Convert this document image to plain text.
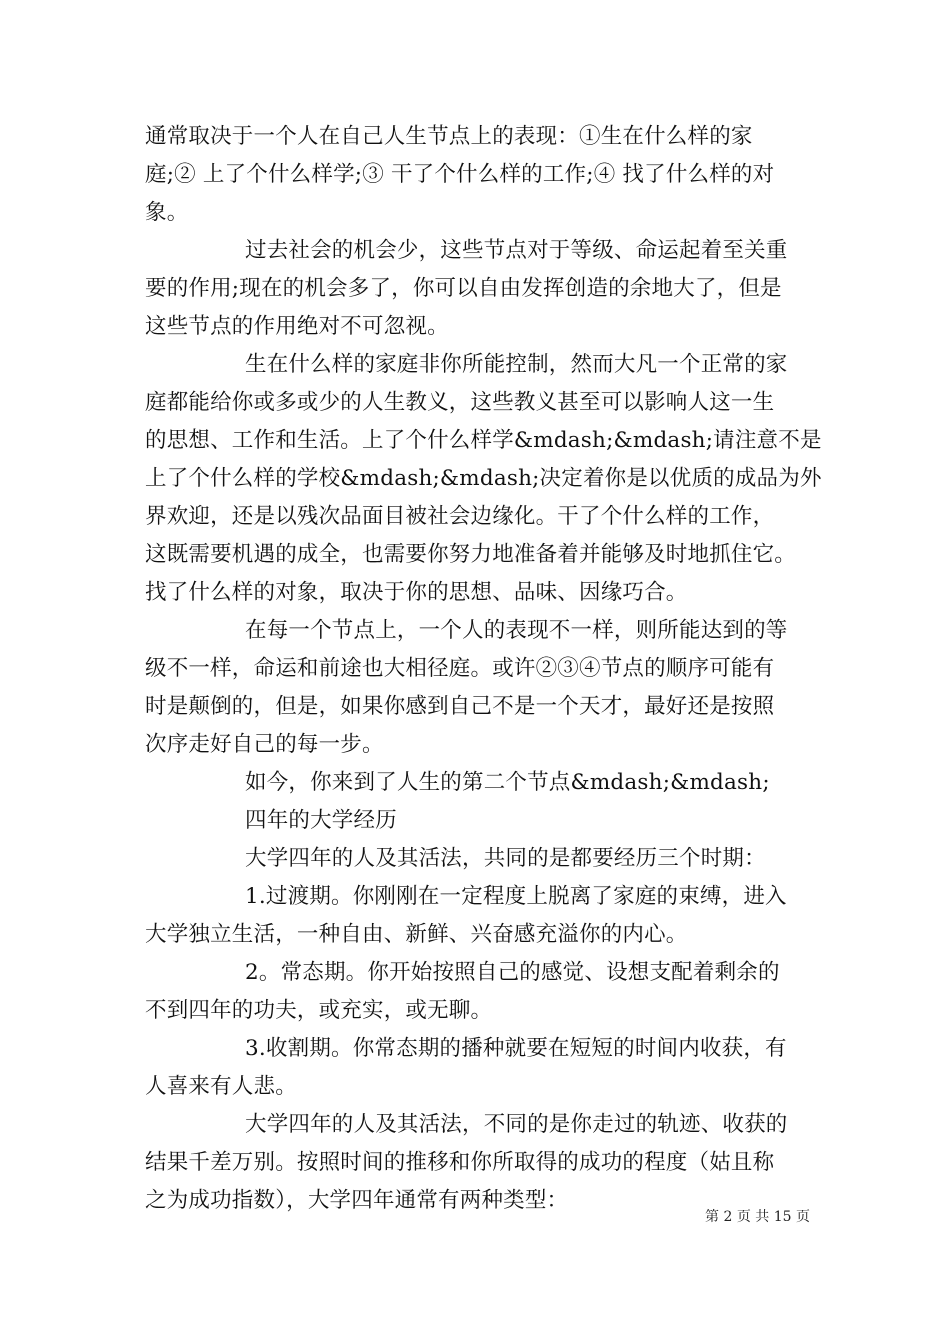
通常取决于一个人在自己人生节点上的表现：①生在什么样的家
庭;② 上了个什么样学;③ 干了个什么样的工作;④ 找了什么样的对
象。
过去社会的机会少，这些节点对于等级、命运起着至关重
要的作用;现在的机会多了，你可以自由发挥创造的余地大了，但是
这些节点的作用绝对不可忽视。
生在什么样的家庭非你所能控制，然而大凡一个正常的家
庭都能给你或多或少的人生教义，这些教义甚至可以影响人这一生
的思想、工作和生活。上了个什么样学&mdash;&mdash;请注意不是
上了个什么样的学校&mdash;&mdash;决定着你是以优质的成品为外
界欢迎，还是以残次品面目被社会边缘化。干了个什么样的工作，
这既需要机遇的成全，也需要你努力地准备着并能够及时地抓住它。
找了什么样的对象，取决于你的思想、品味、因缘巧合。
在每一个节点上，一个人的表现不一样，则所能达到的等
级不一样，命运和前途也大相径庭。或许②③④节点的顺序可能有
时是颠倒的，但是，如果你感到自己不是一个天才，最好还是按照
次序走好自己的每一步。
如今，你来到了人生的第二个节点&mdash;&mdash;
四年的大学经历
大学四年的人及其活法，共同的是都要经历三个时期：
1.过渡期。你刚刚在一定程度上脱离了家庭的束缚，进入
大学独立生活，一种自由、新鲜、兴奋感充溢你的内心。
2。常态期。你开始按照自己的感觉、设想支配着剩余的
不到四年的功夫，或充实，或无聊。
3.收割期。你常态期的播种就要在短短的时间内收获，有
人喜来有人悲。
大学四年的人及其活法，不同的是你走过的轨迹、收获的
结果千差万别。按照时间的推移和你所取得的成功的程度（姑且称
之为成功指数），大学四年通常有两种类型：
第 2 页 共 15 页
